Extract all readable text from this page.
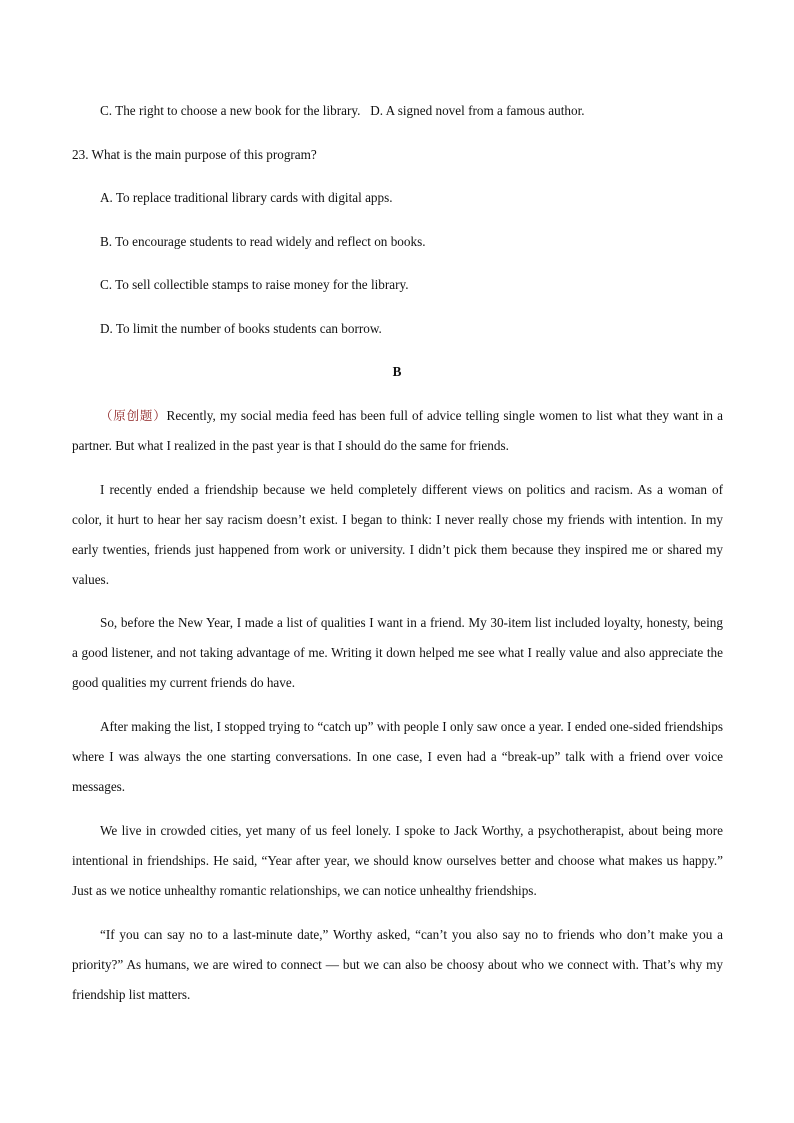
C. The right to choose a new book for the library. D. A signed novel from a famous author.
23. What is the main purpose of this program?
A. To replace traditional library cards with digital apps.
B. To encourage students to read widely and reflect on books.
C. To sell collectible stamps to raise money for the library.
D. To limit the number of books students can borrow.
B

（原创题）Recently, my social media feed has been full of advice telling single women to list what they want in a partner. But what I realized in the past year is that I should do the same for friends.

I recently ended a friendship because we held completely different views on politics and racism. As a woman of color, it hurt to hear her say racism doesn’t exist. I began to think: I never really chose my friends with intention. In my early twenties, friends just happened from work or university. I didn’t pick them because they inspired me or shared my values.

So, before the New Year, I made a list of qualities I want in a friend. My 30-item list included loyalty, honesty, being a good listener, and not taking advantage of me. Writing it down helped me see what I really value and also appreciate the good qualities my current friends do have.

After making the list, I stopped trying to “catch up” with people I only saw once a year. I ended one-sided friendships where I was always the one starting conversations. In one case, I even had a “break-up” talk with a friend over voice messages.

We live in crowded cities, yet many of us feel lonely. I spoke to Jack Worthy, a psychotherapist, about being more intentional in friendships. He said, “Year after year, we should know ourselves better and choose what makes us happy.” Just as we notice unhealthy romantic relationships, we can notice unhealthy friendships.

“If you can say no to a last-minute date,” Worthy asked, “can’t you also say no to friends who don’t make you a priority?” As humans, we are wired to connect — but we can also be choosy about who we connect with. That’s why my friendship list matters.
